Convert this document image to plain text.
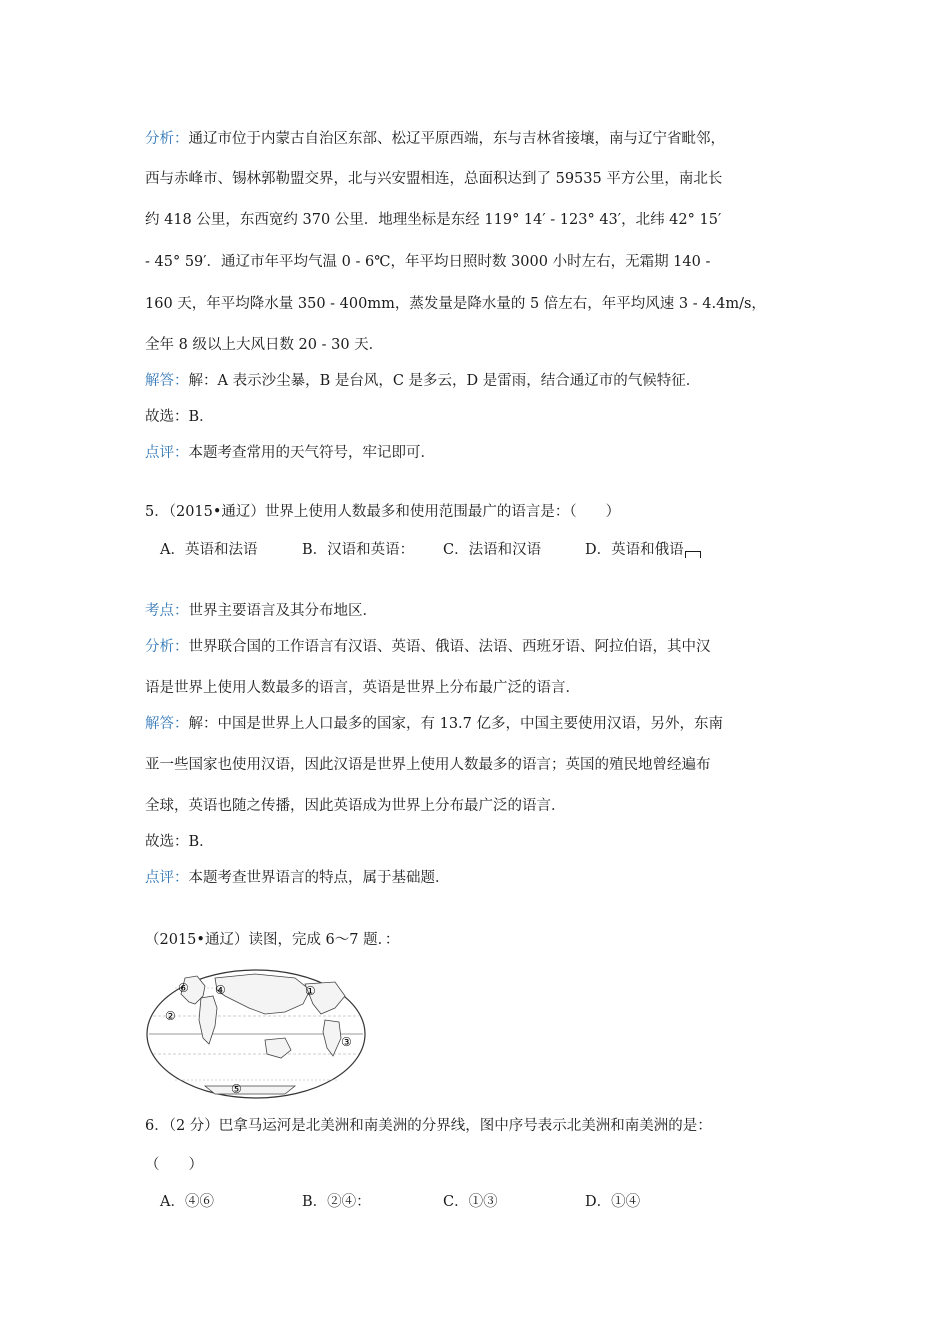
分析：通辽市位于内蒙古自治区东部、松辽平原西端，东与吉林省接壤，南与辽宁省毗邻，
西与赤峰市、锡林郭勒盟交界，北与兴安盟相连，总面积达到了 59535 平方公里，南北长
约 418 公里，东西宽约 370 公里．地理坐标是东经 119° 14′ - 123° 43′，北纬 42° 15′
- 45° 59′．通辽市年平均气温 0 - 6℃，年平均日照时数 3000 小时左右，无霜期 140 -
160 天，年平均降水量 350 - 400mm，蒸发量是降水量的 5 倍左右，年平均风速 3 - 4.4m/s，
全年 8 级以上大风日数 20 - 30 天．
解答：解：A 表示沙尘暴，B 是台风，C 是多云，D 是雷雨，结合通辽市的气候特征．
故选：B．
点评：本题考查常用的天气符号，牢记即可．
5．（2015•通辽）世界上使用人数最多和使用范围最广的语言是：（　　）
A．英语和法语	B．汉语和英语： C．法语和汉语	D．英语和俄语
考点：世界主要语言及其分布地区．
分析：世界联合国的工作语言有汉语、英语、俄语、法语、西班牙语、阿拉伯语，其中汉
语是世界上使用人数最多的语言，英语是世界上分布最广泛的语言．
解答：解：中国是世界上人口最多的国家，有 13.7 亿多，中国主要使用汉语，另外，东南
亚一些国家也使用汉语，因此汉语是世界上使用人数最多的语言；英国的殖民地曾经遍布
全球，英语也随之传播，因此英语成为世界上分布最广泛的语言．
故选：B．
点评：本题考查世界语言的特点，属于基础题．
（2015•通辽）读图，完成 6～7 题．：
①
②
③
④
⑤
⑥
6．（2 分）巴拿马运河是北美洲和南美洲的分界线，图中序号表示北美洲和南美洲的是：
（　　）
A．④⑥	B．②④：	C．①③	D．①④
